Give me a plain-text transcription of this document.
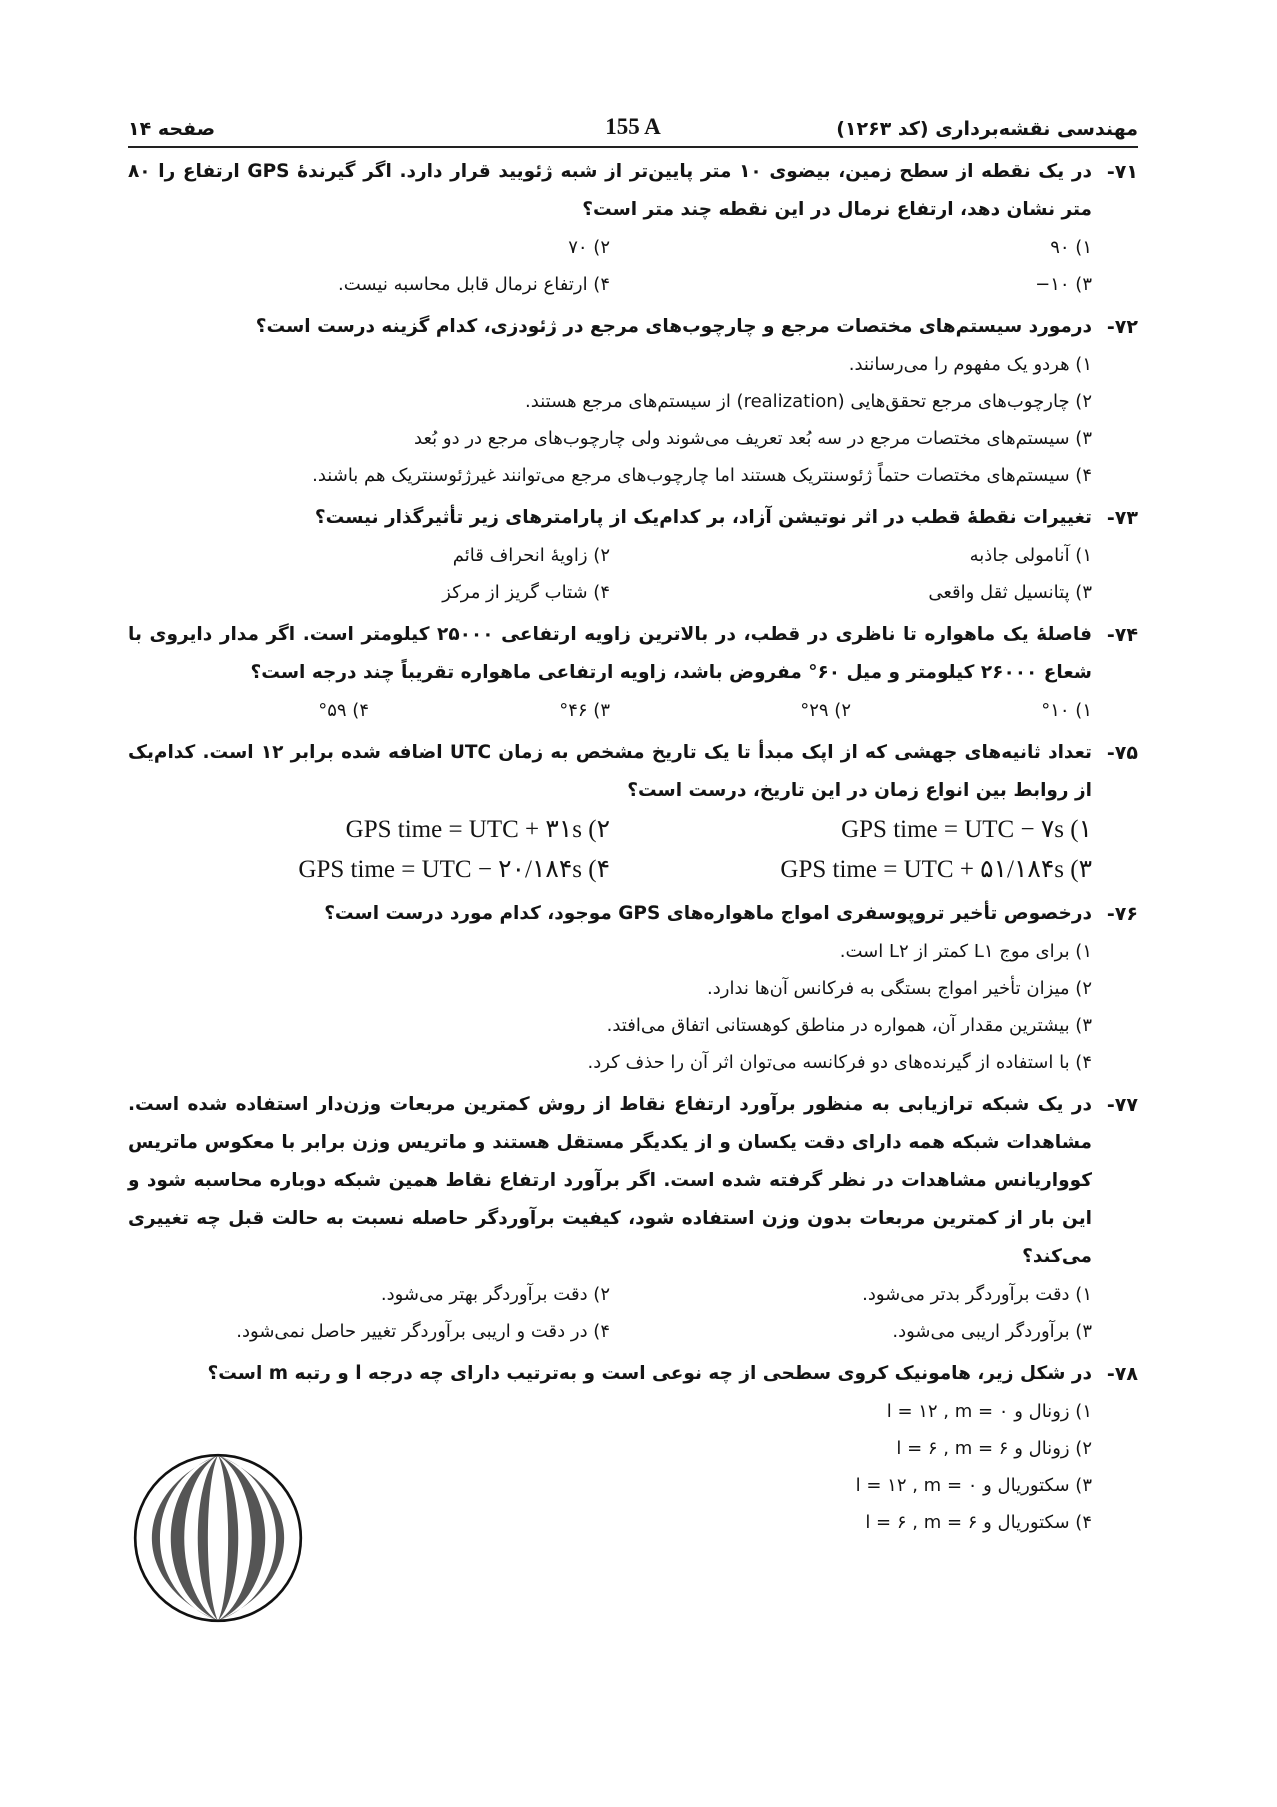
مهندسی نقشه‌برداری (کد ۱۲۶۳)
155 A
صفحه ۱۴
۷۱-
در یک نقطه از سطح زمین، بیضوی ۱۰ متر پایین‌تر از شبه ژئویید قرار دارد. اگر گیرندهٔ GPS ارتفاع را ۸۰ متر نشان دهد، ارتفاع نرمال در این نقطه چند متر است؟
۱) ۹۰
۲) ۷۰
۳) ۱۰−
۴) ارتفاع نرمال قابل محاسبه نیست.
۷۲-
درمورد سیستم‌های مختصات مرجع و چارچوب‌های مرجع در ژئودزی، کدام گزینه درست است؟
۱) هردو یک مفهوم را می‌رسانند.
۲) چارچوب‌های مرجع تحقق‌هایی (realization) از سیستم‌های مرجع هستند.
۳) سیستم‌های مختصات مرجع در سه بُعد تعریف می‌شوند ولی چارچوب‌های مرجع در دو بُعد
۴) سیستم‌های مختصات حتماً ژئوسنتریک هستند اما چارچوب‌های مرجع می‌توانند غیرژئوسنتریک هم باشند.
۷۳-
تغییرات نقطهٔ قطب در اثر نوتیشن آزاد، بر کدام‌یک از پارامترهای زیر تأثیرگذار نیست؟
۱) آنامولی جاذبه
۲) زاویهٔ انحراف قائم
۳) پتانسیل ثقل واقعی
۴) شتاب گریز از مرکز
۷۴-
فاصلهٔ یک ماهواره تا ناظری در قطب، در بالاترین زاویه ارتفاعی ۲۵۰۰۰ کیلومتر است. اگر مدار دایروی با شعاع ۲۶۰۰۰ کیلومتر و میل ۶۰° مفروض باشد، زاویه ارتفاعی ماهواره تقریباً چند درجه است؟
۱) °۱۰
۲) °۲۹
۳) °۴۶
۴) °۵۹
۷۵-
تعداد ثانیه‌های جهشی که از اپک مبدأ تا یک تاریخ مشخص به زمان UTC اضافه شده برابر ۱۲ است. کدام‌یک از روابط بین انواع زمان در این تاریخ، درست است؟
۱) GPS time = UTC − ۷s
۲) GPS time = UTC + ۳۱s
۳) GPS time = UTC + ۵۱/۱۸۴s
۴) GPS time = UTC − ۲۰/۱۸۴s
۷۶-
درخصوص تأخیر تروپوسفری امواج ماهواره‌های GPS موجود، کدام مورد درست است؟
۱) برای موج L۱ کمتر از L۲ است.
۲) میزان تأخیر امواج بستگی به فرکانس آن‌ها ندارد.
۳) بیشترین مقدار آن، همواره در مناطق کوهستانی اتفاق می‌افتد.
۴) با استفاده از گیرنده‌های دو فرکانسه می‌توان اثر آن را حذف کرد.
۷۷-
در یک شبکه ترازیابی به منظور برآورد ارتفاع نقاط از روش کمترین مربعات وزن‌دار استفاده شده است. مشاهدات شبکه همه دارای دقت یکسان و از یکدیگر مستقل هستند و ماتریس وزن برابر با معکوس ماتریس کوواریانس مشاهدات در نظر گرفته شده است. اگر برآورد ارتفاع نقاط همین شبکه دوباره محاسبه شود و این بار از کمترین مربعات بدون وزن استفاده شود، کیفیت برآوردگر حاصله نسبت به حالت قبل چه تغییری می‌کند؟
۱) دقت برآوردگر بدتر می‌شود.
۲) دقت برآوردگر بهتر می‌شود.
۳) برآوردگر اریبی می‌شود.
۴) در دقت و اریبی برآوردگر تغییر حاصل نمی‌شود.
۷۸-
در شکل زیر، هامونیک کروی سطحی از چه نوعی است و به‌ترتیب دارای چه درجه l و رتبه m است؟
۱) زونال و l = ۱۲ , m = ۰
۲) زونال و l = ۶ , m = ۶
۳) سکتوریال و l = ۱۲ , m = ۰
۴) سکتوریال و l = ۶ , m = ۶
